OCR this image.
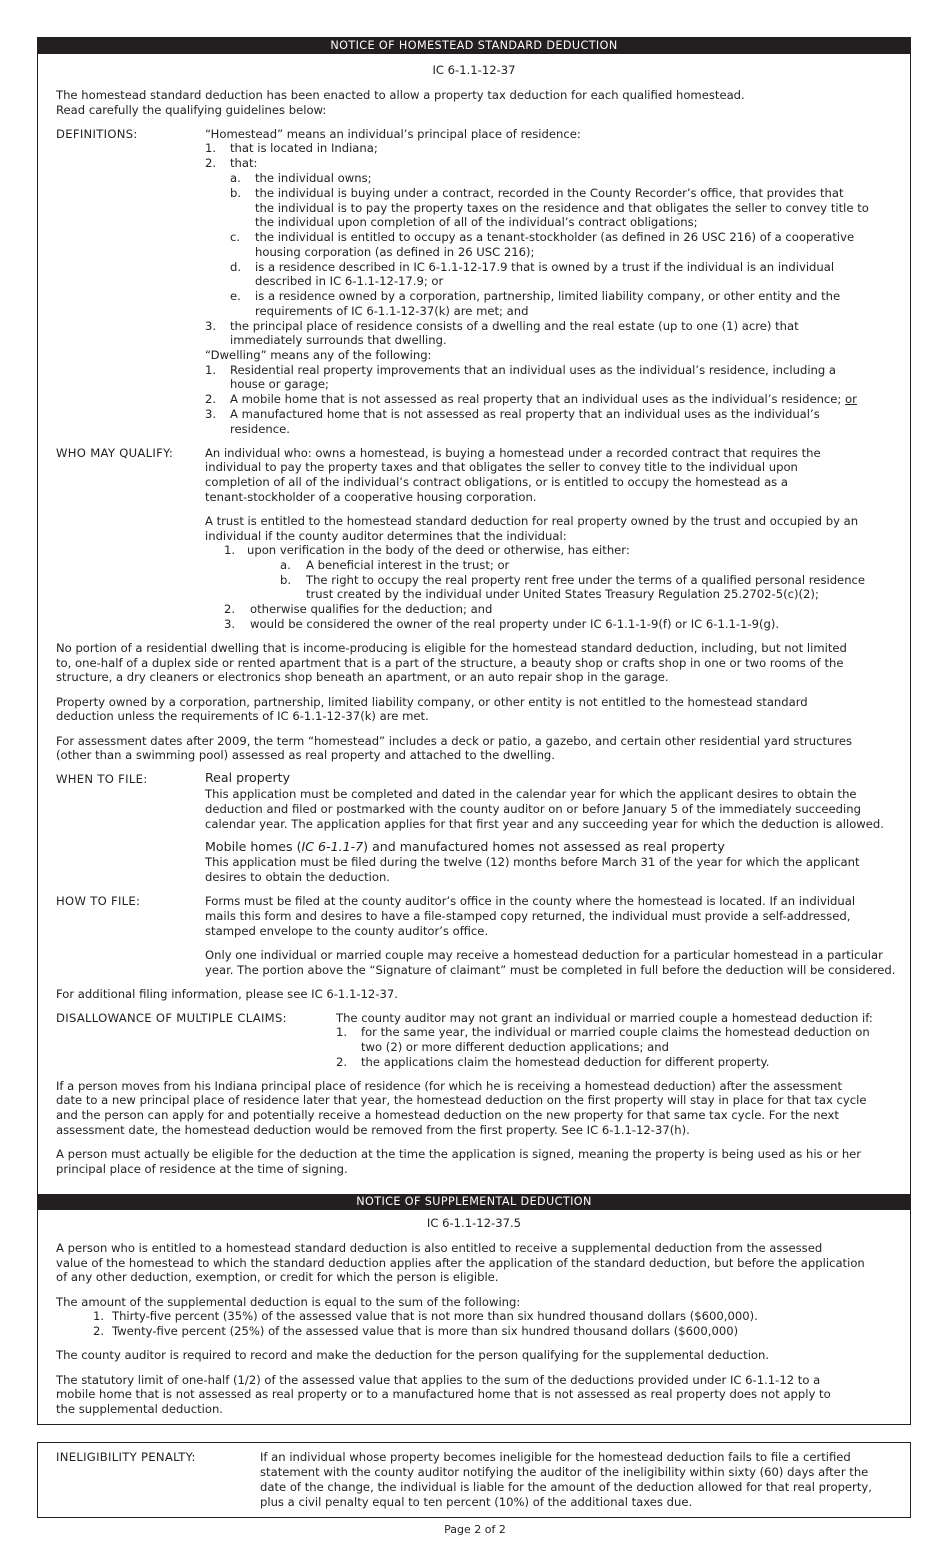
NOTICE OF HOMESTEAD STANDARD DEDUCTION

IC 6-1.1-12-37

The homestead standard deduction has been enacted to allow a property tax deduction for each qualified homestead.

Read carefully the qualifying guidelines below:

DEFINITIONS:	“Homestead” means an individual’s principal place of residence:

1. that is located in Indiana;

2. that:

a. the individual owns;

b. the individual is buying under a contract, recorded in the County Recorder’s office, that provides that

the individual is to pay the property taxes on the residence and that obligates the seller to convey title to

the individual upon completion of all of the individual’s contract obligations;

c. the individual is entitled to occupy as a tenant-stockholder (as defined in 26 USC 216) of a cooperative

housing corporation (as defined in 26 USC 216);

d. is a residence described in IC 6-1.1-12-17.9 that is owned by a trust if the individual is an individual

described in IC 6-1.1-12-17.9; or

e. is a residence owned by a corporation, partnership, limited liability company, or other entity and the

requirements of IC 6-1.1-12-37(k) are met; and

3. the principal place of residence consists of a dwelling and the real estate (up to one (1) acre) that

immediately surrounds that dwelling.

“Dwelling” means any of the following:

1. Residential real property improvements that an individual uses as the individual’s residence, including a

house or garage;

2. A mobile home that is not assessed as real property that an individual uses as the individual’s residence; or

3. A manufactured home that is not assessed as real property that an individual uses as the individual’s

residence.

WHO MAY QUALIFY:	An individual who: owns a homestead, is buying a homestead under a recorded contract that requires the

individual to pay the property taxes and that obligates the seller to convey title to the individual upon

completion of all of the individual’s contract obligations, or is entitled to occupy the homestead as a

tenant-stockholder of a cooperative housing corporation.

A trust is entitled to the homestead standard deduction for real property owned by the trust and occupied by an

individual if the county auditor determines that the individual:

1. upon verification in the body of the deed or otherwise, has either:

a. A beneficial interest in the trust; or

b. The right to occupy the real property rent free under the terms of a qualified personal residence

trust created by the individual under United States Treasury Regulation 25.2702-5(c)(2);

2. otherwise qualifies for the deduction; and

3. would be considered the owner of the real property under IC 6-1.1-1-9(f) or IC 6-1.1-1-9(g).

No portion of a residential dwelling that is income-producing is eligible for the homestead standard deduction, including, but not limited

to, one-half of a duplex side or rented apartment that is a part of the structure, a beauty shop or crafts shop in one or two rooms of the

structure, a dry cleaners or electronics shop beneath an apartment, or an auto repair shop in the garage.

Property owned by a corporation, partnership, limited liability company, or other entity is not entitled to the homestead standard

deduction unless the requirements of IC 6-1.1-12-37(k) are met.

For assessment dates after 2009, the term “homestead” includes a deck or patio, a gazebo, and certain other residential yard structures

(other than a swimming pool) assessed as real property and attached to the dwelling.

WHEN TO FILE:	Real property

This application must be completed and dated in the calendar year for which the applicant desires to obtain the

deduction and filed or postmarked with the county auditor on or before January 5 of the immediately succeeding

calendar year. The application applies for that first year and any succeeding year for which the deduction is allowed.

Mobile homes (IC 6-1.1-7) and manufactured homes not assessed as real property

This application must be filed during the twelve (12) months before March 31 of the year for which the applicant

desires to obtain the deduction.

HOW TO FILE:	Forms must be filed at the county auditor’s office in the county where the homestead is located. If an individual

mails this form and desires to have a file-stamped copy returned, the individual must provide a self-addressed,

stamped envelope to the county auditor’s office.

Only one individual or married couple may receive a homestead deduction for a particular homestead in a particular

year. The portion above the “Signature of claimant” must be completed in full before the deduction will be considered.

For additional filing information, please see IC 6-1.1-12-37.

DISALLOWANCE OF MULTIPLE CLAIMS:	The county auditor may not grant an individual or married couple a homestead deduction if:

1. for the same year, the individual or married couple claims the homestead deduction on

two (2) or more different deduction applications; and

2. the applications claim the homestead deduction for different property.

If a person moves from his Indiana principal place of residence (for which he is receiving a homestead deduction) after the assessment

date to a new principal place of residence later that year, the homestead deduction on the first property will stay in place for that tax cycle

and the person can apply for and potentially receive a homestead deduction on the new property for that same tax cycle. For the next

assessment date, the homestead deduction would be removed from the first property. See IC 6-1.1-12-37(h).

A person must actually be eligible for the deduction at the time the application is signed, meaning the property is being used as his or her

principal place of residence at the time of signing.

NOTICE OF SUPPLEMENTAL DEDUCTION

IC 6-1.1-12-37.5

A person who is entitled to a homestead standard deduction is also entitled to receive a supplemental deduction from the assessed

value of the homestead to which the standard deduction applies after the application of the standard deduction, but before the application

of any other deduction, exemption, or credit for which the person is eligible.

The amount of the supplemental deduction is equal to the sum of the following:

1. Thirty-five percent (35%) of the assessed value that is not more than six hundred thousand dollars ($600,000).

2. Twenty-five percent (25%) of the assessed value that is more than six hundred thousand dollars ($600,000)

The county auditor is required to record and make the deduction for the person qualifying for the supplemental deduction.

The statutory limit of one-half (1/2) of the assessed value that applies to the sum of the deductions provided under IC 6-1.1-12 to a

mobile home that is not assessed as real property or to a manufactured home that is not assessed as real property does not apply to

the supplemental deduction.

INELIGIBILITY PENALTY:	If an individual whose property becomes ineligible for the homestead deduction fails to file a certified

statement with the county auditor notifying the auditor of the ineligibility within sixty (60) days after the

date of the change, the individual is liable for the amount of the deduction allowed for that real property,

plus a civil penalty equal to ten percent (10%) of the additional taxes due.

Page 2 of 2
